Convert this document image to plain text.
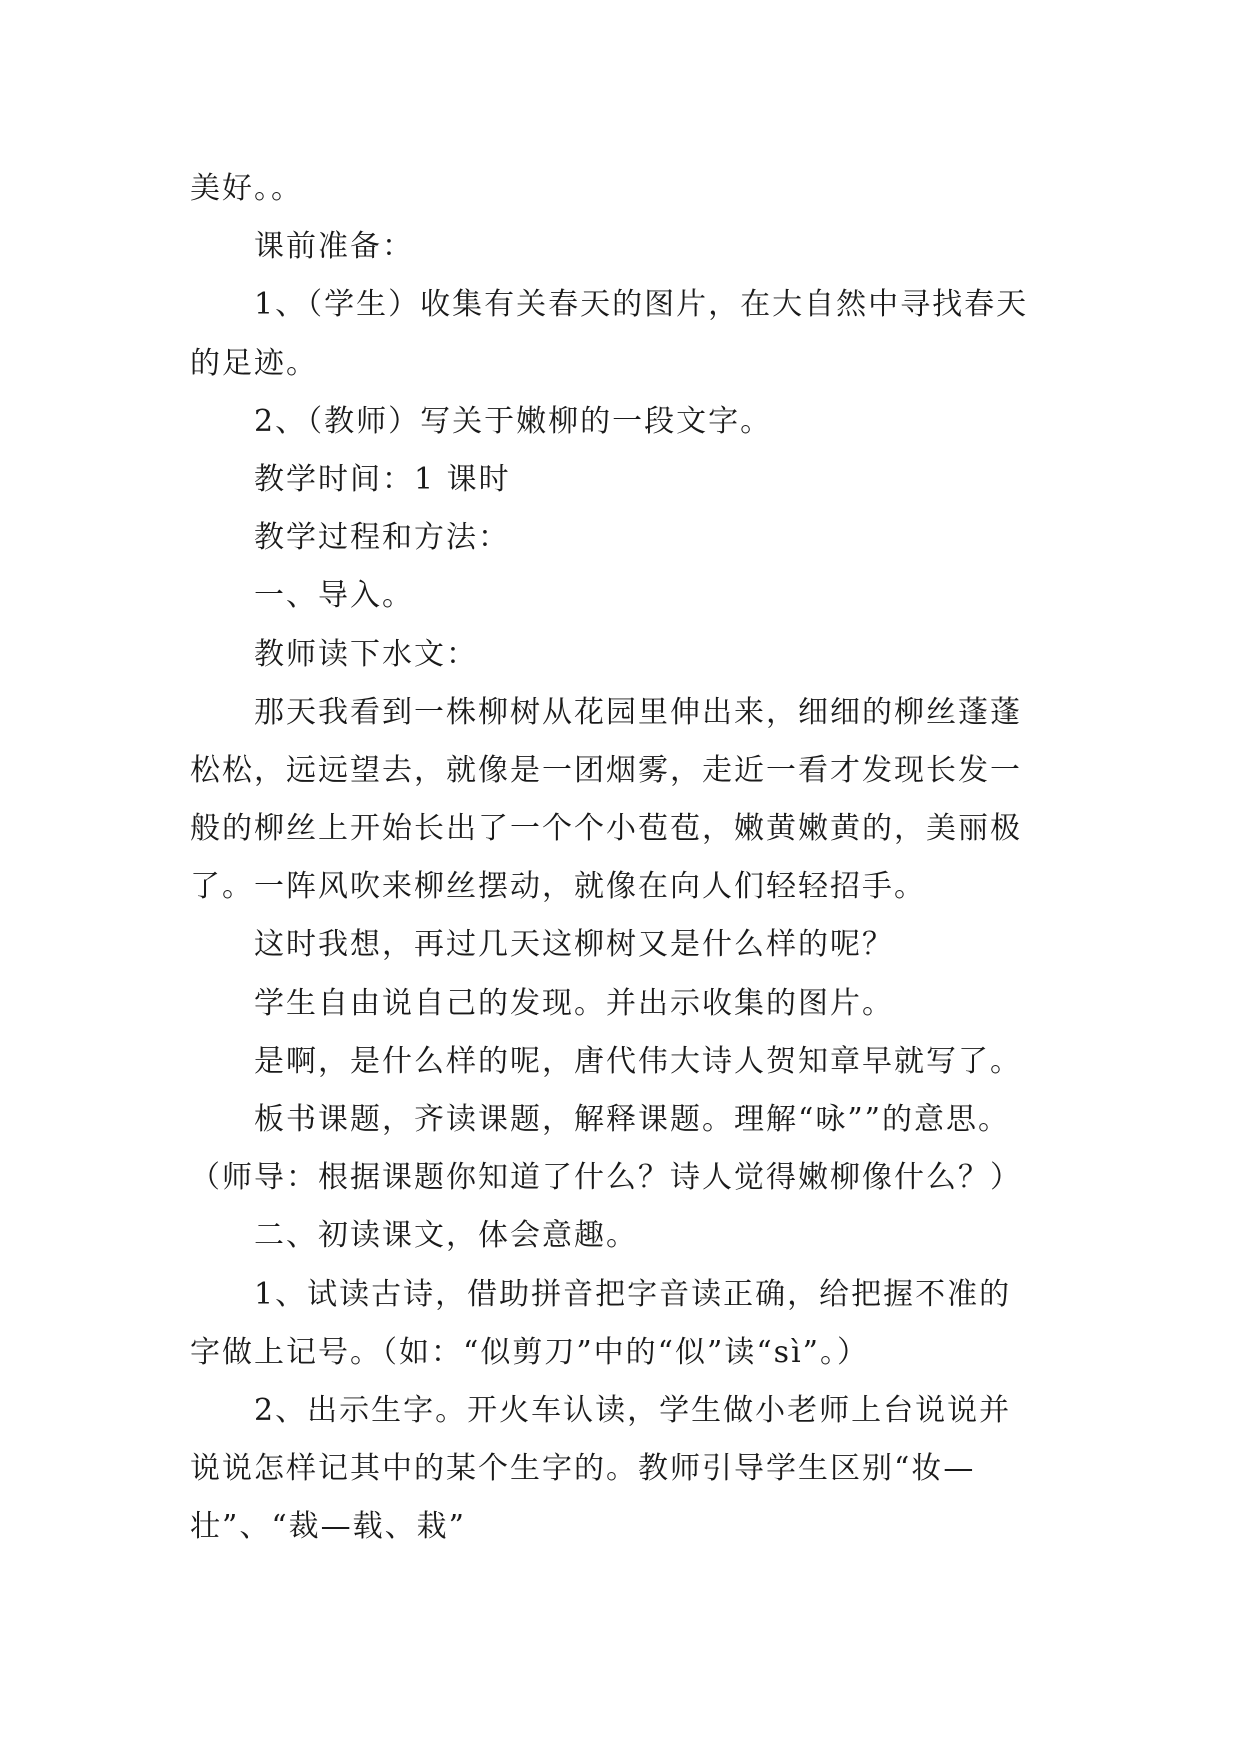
美好。。
课前准备：
1、（学生）收集有关春天的图片，在大自然中寻找春天
的足迹。
2、（教师）写关于嫩柳的一段文字。
教学时间：1 课时
教学过程和方法：
一、导入。
教师读下水文：
那天我看到一株柳树从花园里伸出来，细细的柳丝蓬蓬
松松，远远望去，就像是一团烟雾，走近一看才发现长发一
般的柳丝上开始长出了一个个小苞苞，嫩黄嫩黄的，美丽极
了。一阵风吹来柳丝摆动，就像在向人们轻轻招手。
这时我想，再过几天这柳树又是什么样的呢？
学生自由说自己的发现。并出示收集的图片。
是啊，是什么样的呢，唐代伟大诗人贺知章早就写了。
板书课题，齐读课题，解释课题。理解“咏””的意思。
（师导：根据课题你知道了什么？诗人觉得嫩柳像什么？）
二、初读课文，体会意趣。
1、试读古诗，借助拼音把字音读正确，给把握不准的
字做上记号。（如：“似剪刀”中的“似”读“sì”。）
2、出示生字。开火车认读，学生做小老师上台说说并
说说怎样记其中的某个生字的。教师引导学生区别“妆—
壮”、“裁—载、栽”
